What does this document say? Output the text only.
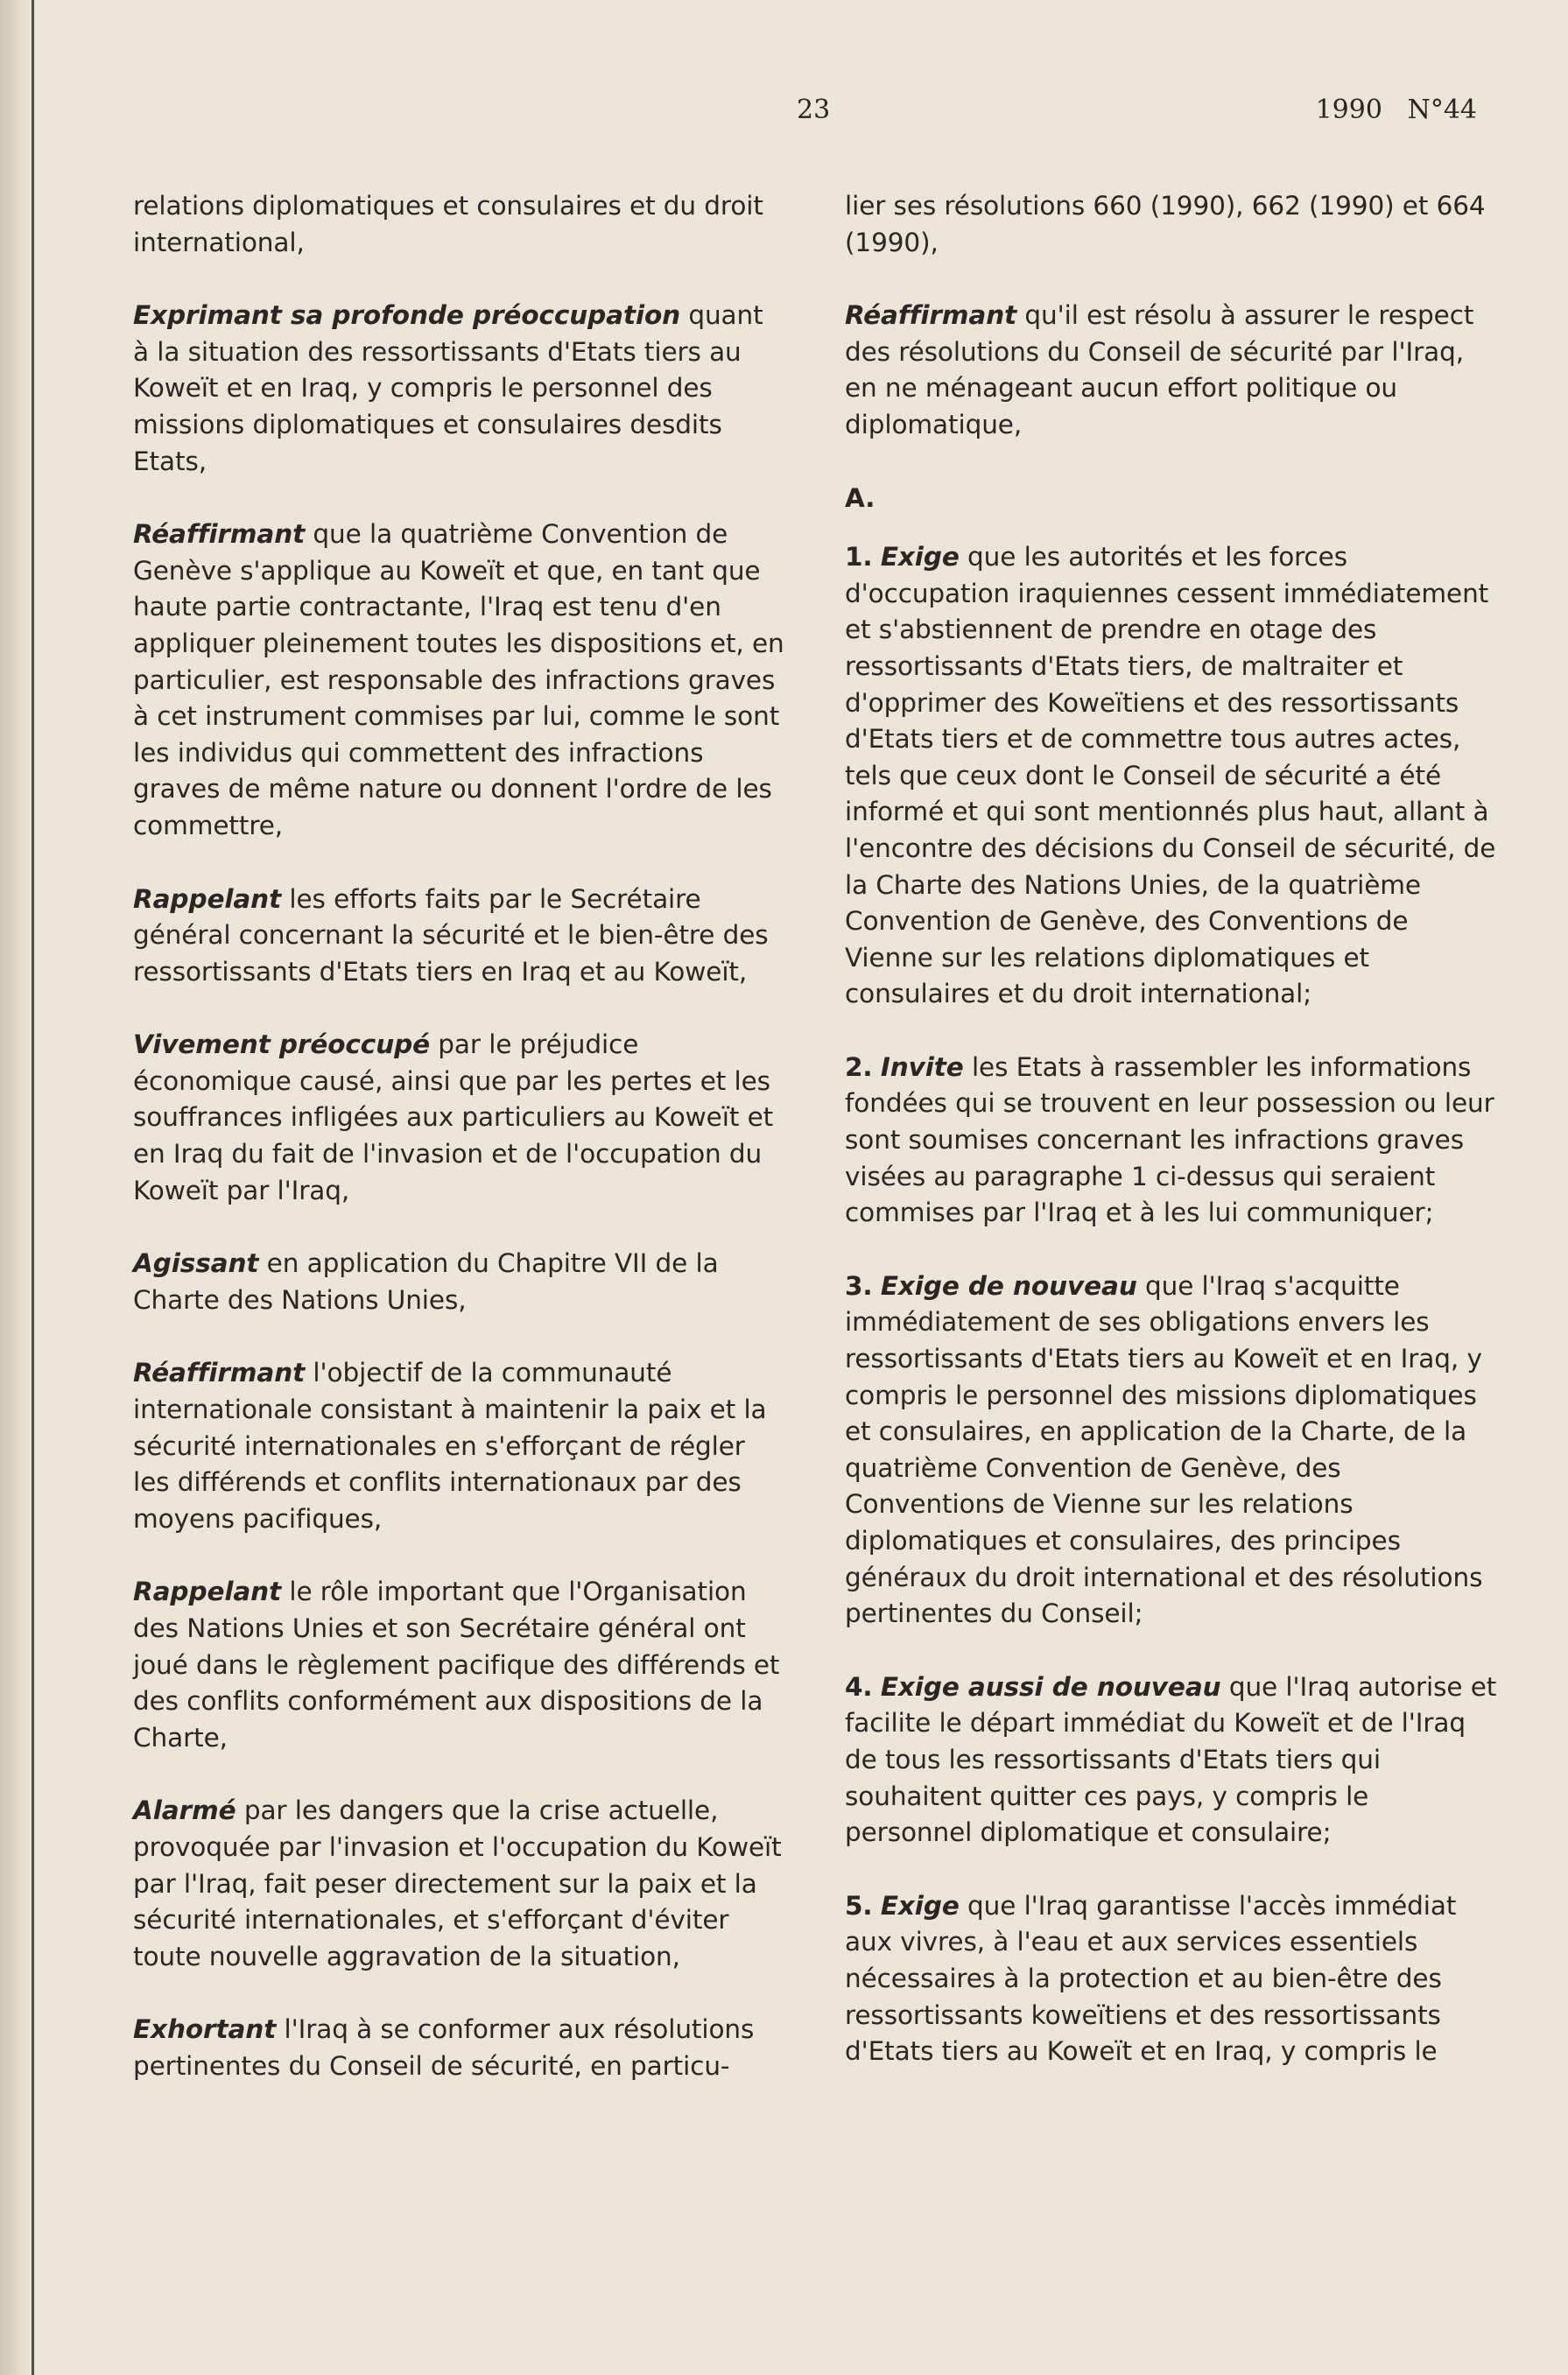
23	1990 N°44

relations diplomatiques et consulaires et du droit international,

Exprimant sa profonde préoccupation quant à la situation des ressortissants d'Etats tiers au Koweït et en Iraq, y compris le personnel des missions diplomatiques et consulaires desdits Etats,

Réaffirmant que la quatrième Convention de Genève s'applique au Koweït et que, en tant que haute partie contractante, l'Iraq est tenu d'en appliquer pleinement toutes les dispositions et, en particulier, est responsable des infractions graves à cet instrument commises par lui, comme le sont les individus qui commettent des infractions graves de même nature ou donnent l'ordre de les commettre,

Rappelant les efforts faits par le Secrétaire général concernant la sécurité et le bien-être des ressortissants d'Etats tiers en Iraq et au Koweït,

Vivement préoccupé par le préjudice économique causé, ainsi que par les pertes et les souffrances infligées aux particuliers au Koweït et en Iraq du fait de l'invasion et de l'occupation du Koweït par l'Iraq,

Agissant en application du Chapitre VII de la Charte des Nations Unies,

Réaffirmant l'objectif de la communauté internationale consistant à maintenir la paix et la sécurité internationales en s'efforçant de régler les différends et conflits internationaux par des moyens pacifiques,

Rappelant le rôle important que l'Organisation des Nations Unies et son Secrétaire général ont joué dans le règlement pacifique des différends et des conflits conformément aux dispositions de la Charte,

Alarmé par les dangers que la crise actuelle, provoquée par l'invasion et l'occupation du Koweït par l'Iraq, fait peser directement sur la paix et la sécurité internationales, et s'efforçant d'éviter toute nouvelle aggravation de la situation,

Exhortant l'Iraq à se conformer aux résolutions pertinentes du Conseil de sécurité, en particu-

lier ses résolutions 660 (1990), 662 (1990) et 664 (1990),

Réaffirmant qu'il est résolu à assurer le respect des résolutions du Conseil de sécurité par l'Iraq, en ne ménageant aucun effort politique ou diplomatique,

A.

1. Exige que les autorités et les forces d'occupation iraquiennes cessent immédiatement et s'abstiennent de prendre en otage des ressortissants d'Etats tiers, de maltraiter et d'opprimer des Koweïtiens et des ressortissants d'Etats tiers et de commettre tous autres actes, tels que ceux dont le Conseil de sécurité a été informé et qui sont mentionnés plus haut, allant à l'encontre des décisions du Conseil de sécurité, de la Charte des Nations Unies, de la quatrième Convention de Genève, des Conventions de Vienne sur les relations diplomatiques et consulaires et du droit international;

2. Invite les Etats à rassembler les informations fondées qui se trouvent en leur possession ou leur sont soumises concernant les infractions graves visées au paragraphe 1 ci-dessus qui seraient commises par l'Iraq et à les lui communiquer;

3. Exige de nouveau que l'Iraq s'acquitte immédiatement de ses obligations envers les ressortissants d'Etats tiers au Koweït et en Iraq, y compris le personnel des missions diplomatiques et consulaires, en application de la Charte, de la quatrième Convention de Genève, des Conventions de Vienne sur les relations diplomatiques et consulaires, des principes généraux du droit international et des résolutions pertinentes du Conseil;

4. Exige aussi de nouveau que l'Iraq autorise et facilite le départ immédiat du Koweït et de l'Iraq de tous les ressortissants d'Etats tiers qui souhaitent quitter ces pays, y compris le personnel diplomatique et consulaire;

5. Exige que l'Iraq garantisse l'accès immédiat aux vivres, à l'eau et aux services essentiels nécessaires à la protection et au bien-être des ressortissants koweïtiens et des ressortissants d'Etats tiers au Koweït et en Iraq, y compris le
